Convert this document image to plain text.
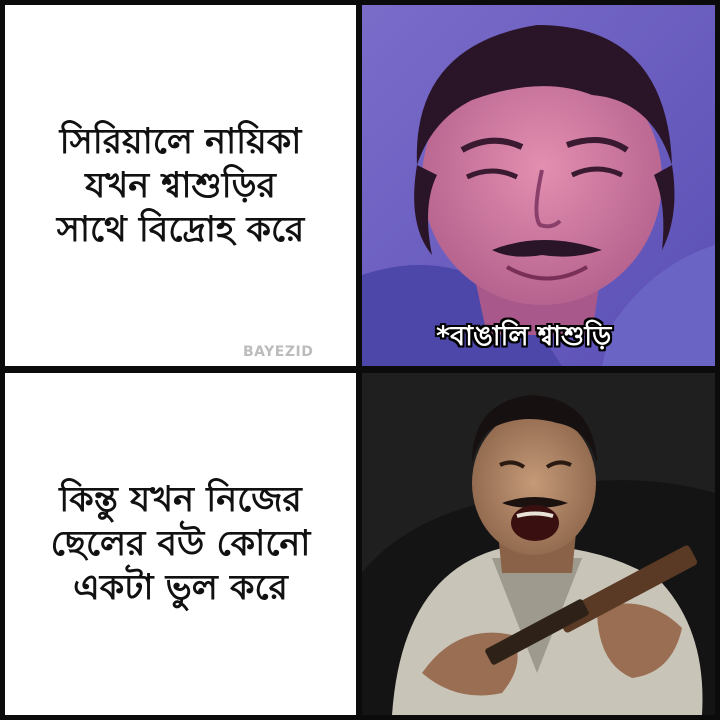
সিরিয়ালে নায়িকা
যখন শ্বাশুড়ির
সাথে বিদ্রোহ করে
কিন্তু যখন নিজের
ছেলের বউ কোনো
একটা ভুল করে
BAYEZID	*বাঙালি শ্বাশুড়ি
